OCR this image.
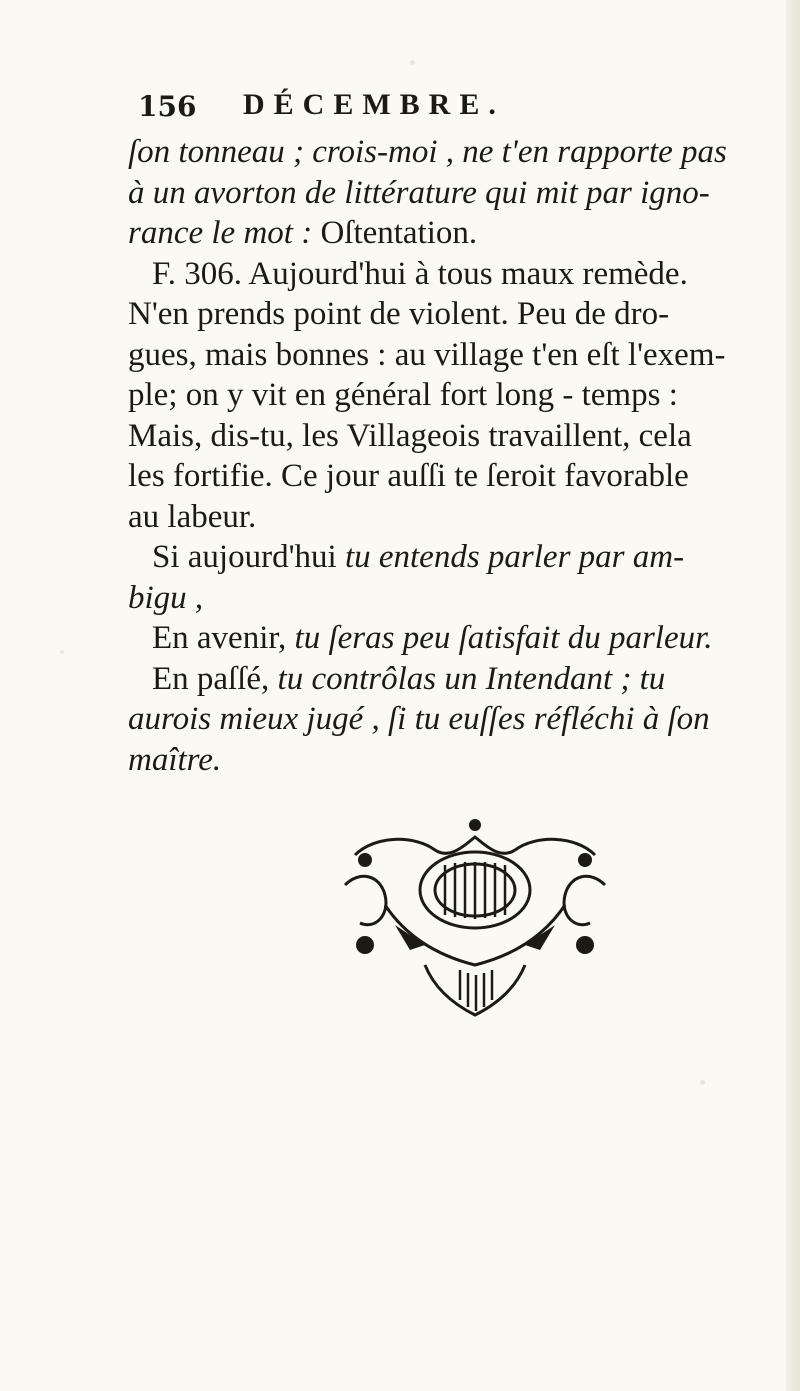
156 DÉCEMBRE.
ſon tonneau ; crois-moi , ne t'en rapporte pas
à un avorton de littérature qui mit par igno-
rance le mot : Oſtentation.
F. 306. Aujourd'hui à tous maux remède.
N'en prends point de violent. Peu de dro-
gues, mais bonnes : au village t'en eſt l'exem-
ple; on y vit en général fort long - temps :
Mais, dis-tu, les Villageois travaillent, cela
les fortifie. Ce jour auſſi te ſeroit favorable
au labeur.
Si aujourd'hui tu entends parler par am-
bigu ,
En avenir, tu ſeras peu ſatisfait du parleur.
En paſſé, tu contrôlas un Intendant ; tu
aurois mieux jugé , ſi tu euſſes réfléchi à ſon
maître.
